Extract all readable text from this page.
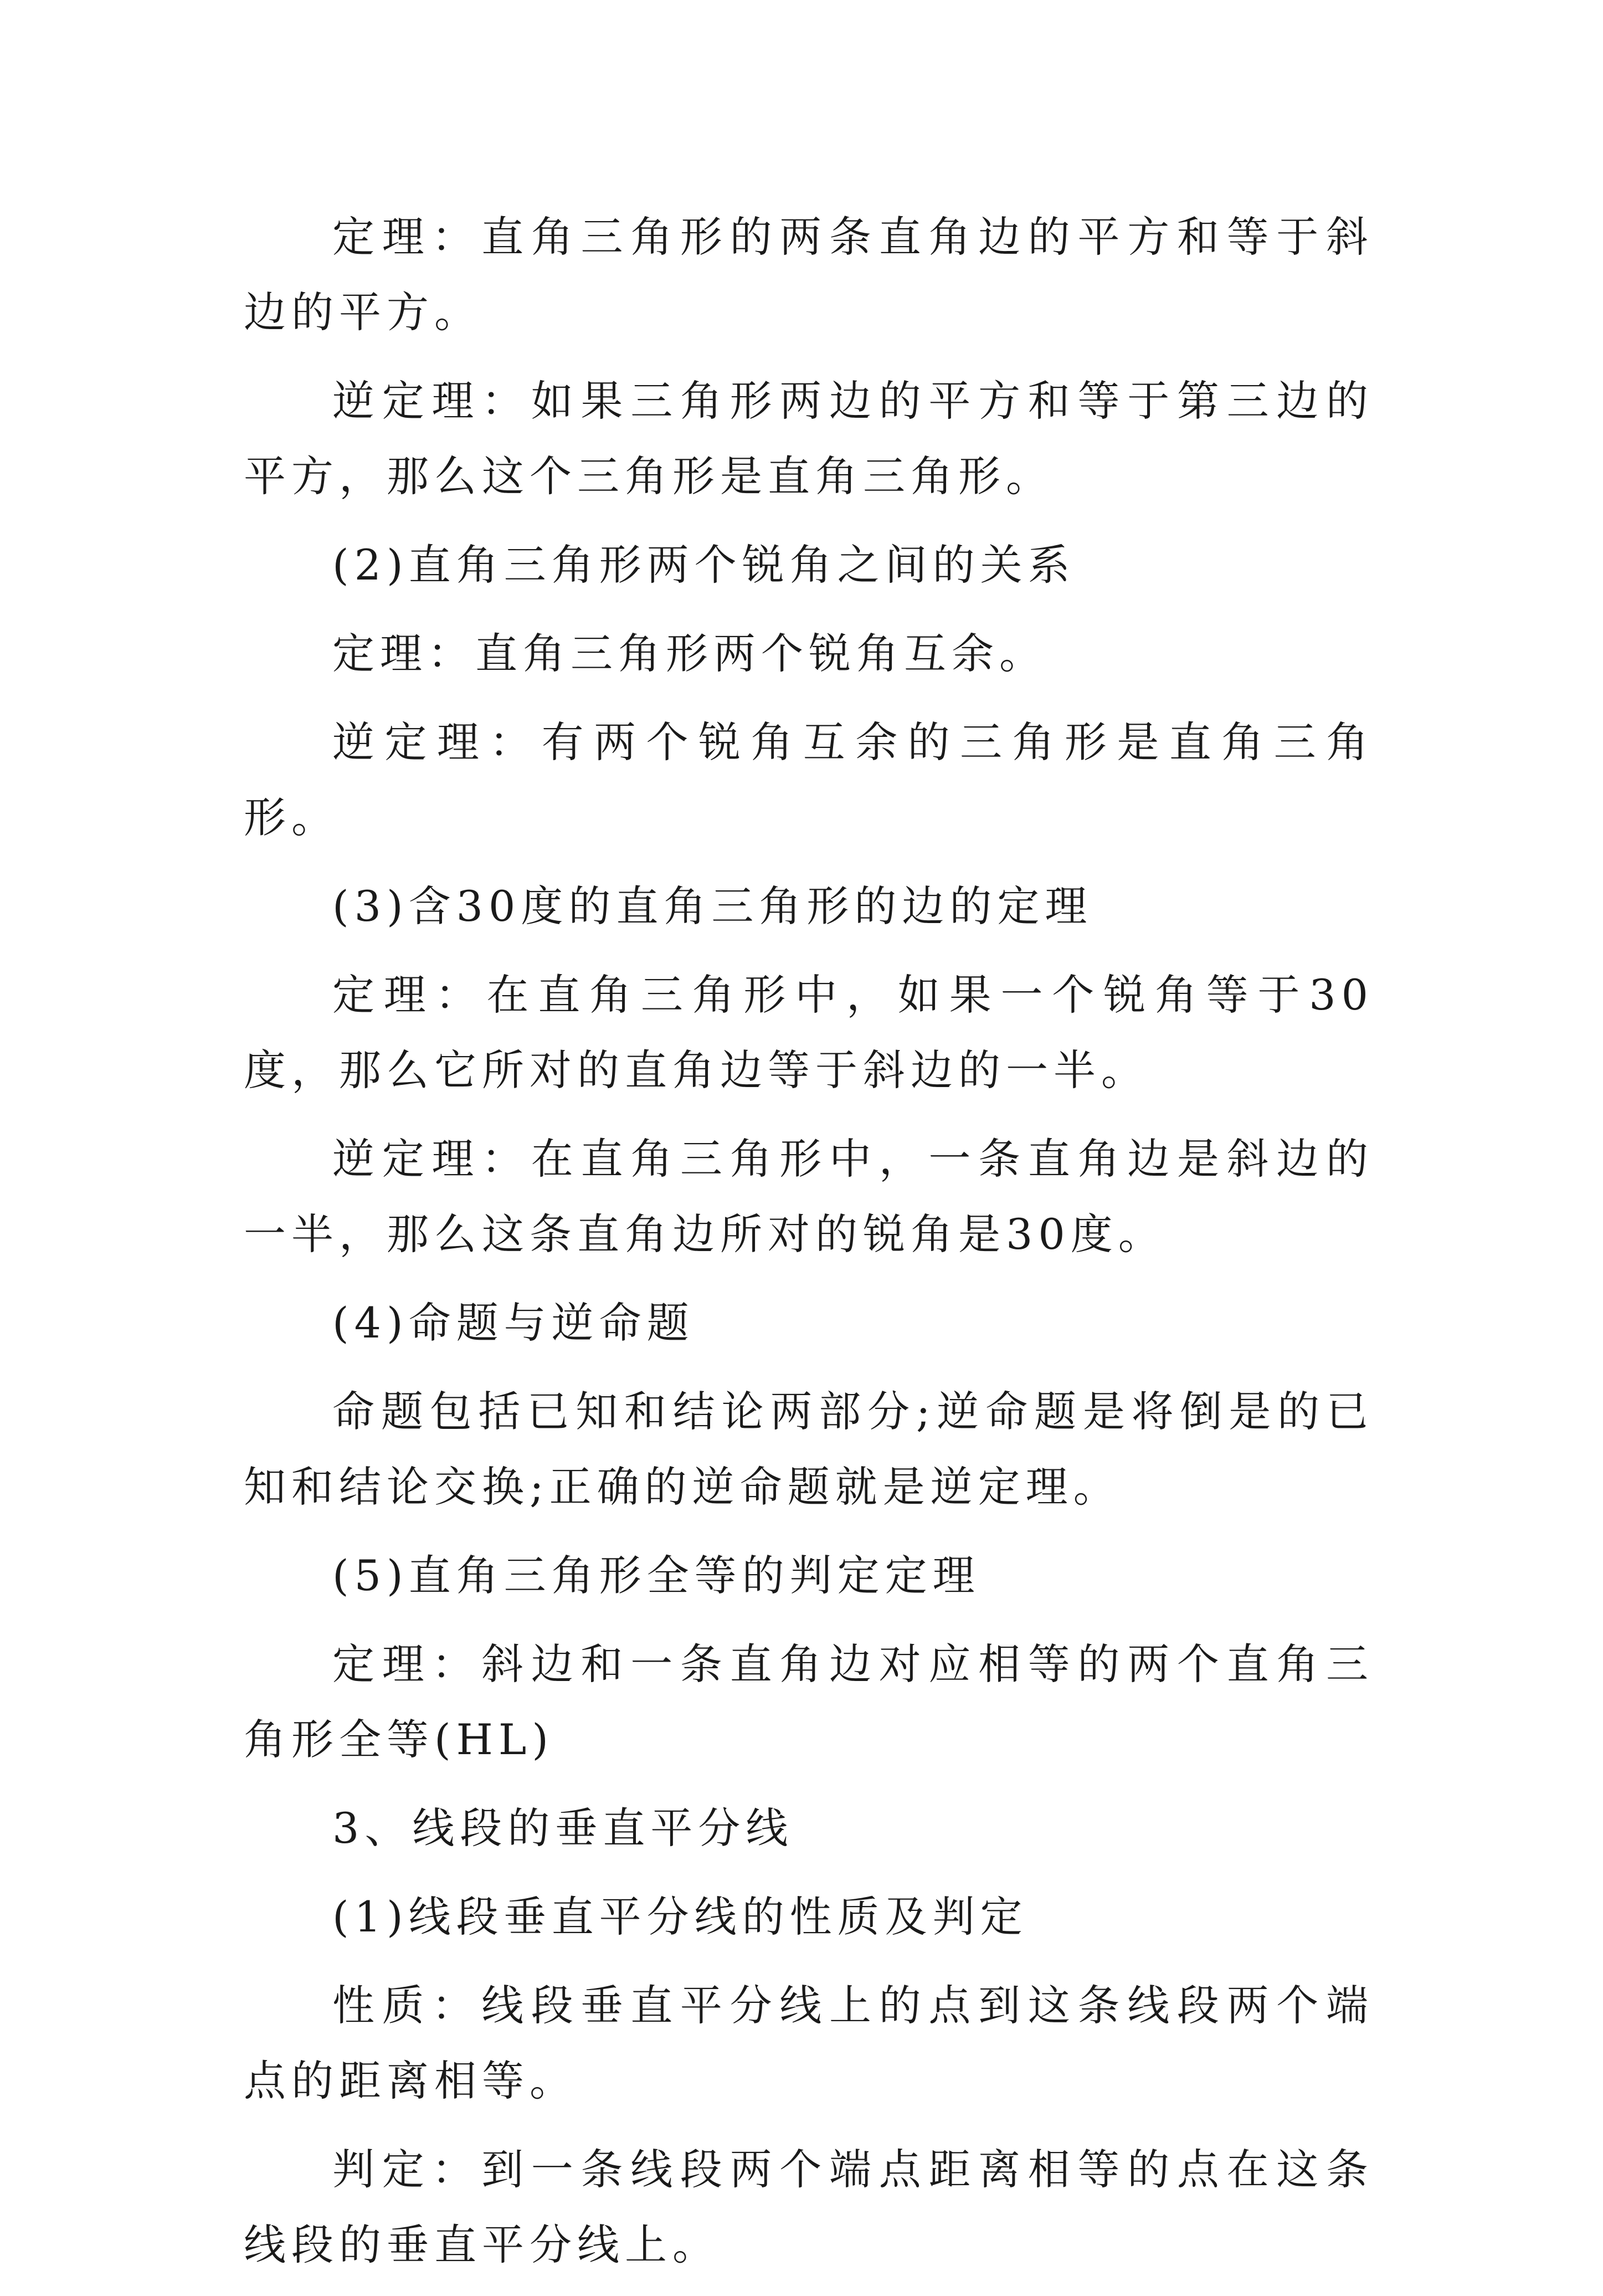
定理：直角三角形的两条直角边的平方和等于斜边的平方。

逆定理：如果三角形两边的平方和等于第三边的平方，那么这个三角形是直角三角形。

(2)直角三角形两个锐角之间的关系

定理：直角三角形两个锐角互余。

逆定理：有两个锐角互余的三角形是直角三角形。

(3)含30度的直角三角形的边的定理

定理：在直角三角形中，如果一个锐角等于30度，那么它所对的直角边等于斜边的一半。

逆定理：在直角三角形中，一条直角边是斜边的一半，那么这条直角边所对的锐角是30度。

(4)命题与逆命题

命题包括已知和结论两部分;逆命题是将倒是的已知和结论交换;正确的逆命题就是逆定理。

(5)直角三角形全等的判定定理

定理：斜边和一条直角边对应相等的两个直角三角形全等(HL)

3、线段的垂直平分线

(1)线段垂直平分线的性质及判定

性质：线段垂直平分线上的点到这条线段两个端点的距离相等。

判定：到一条线段两个端点距离相等的点在这条线段的垂直平分线上。
